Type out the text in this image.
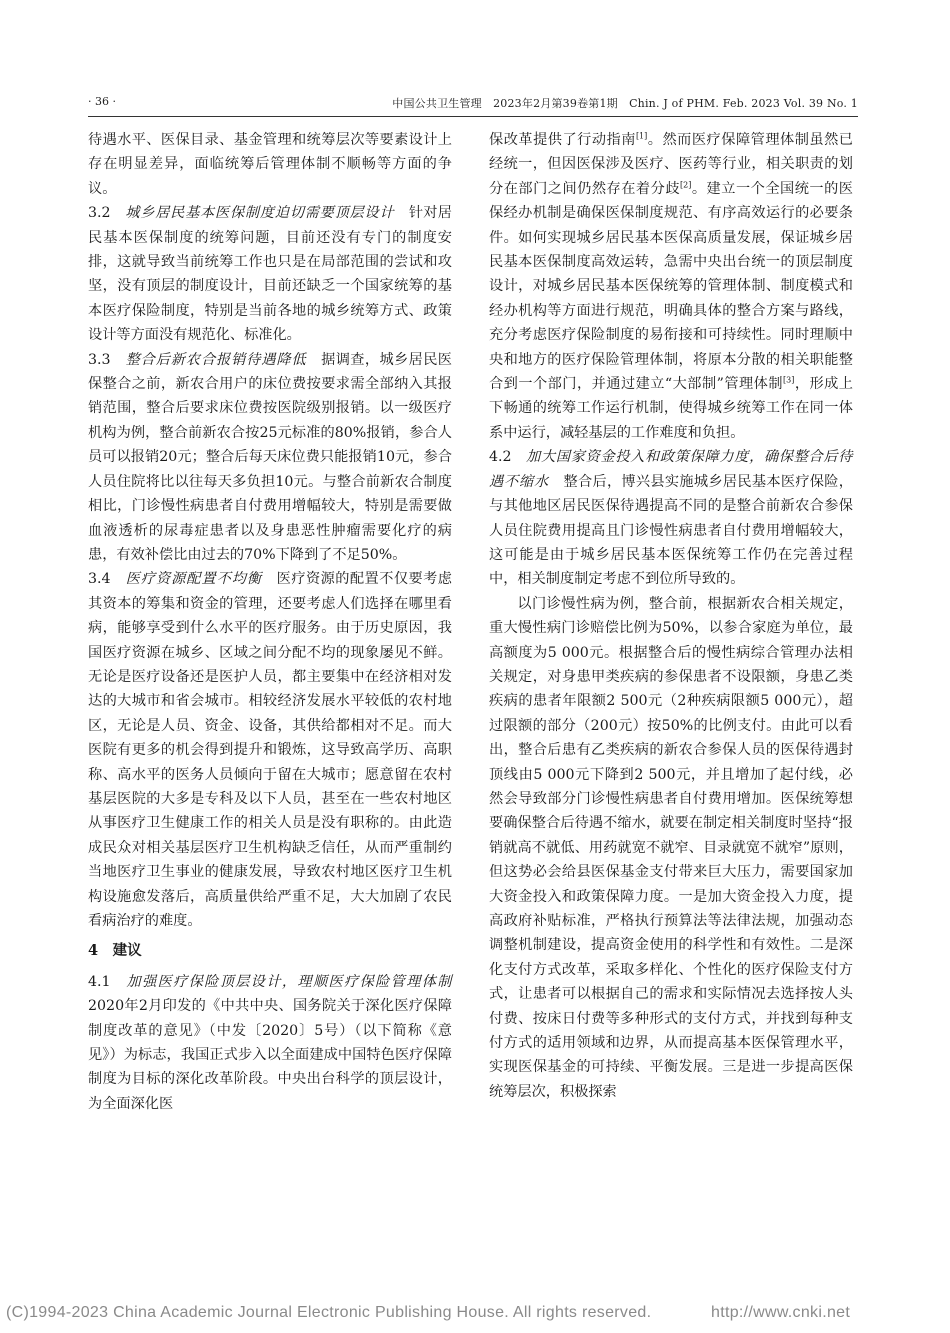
· 36 ·	中国公共卫生管理　2023年2月第39卷第1期　Chin. J of PHM. Feb. 2023 Vol. 39 No. 1

待遇水平、医保目录、基金管理和统筹层次等要素设计上存在明显差异，面临统筹后管理体制不顺畅等方面的争议。

3.2　 城乡居民基本医保制度迫切需要顶层设计　 针对居民基本医保制度的统筹问题，目前还没有专门的制度安排，这就导致当前统筹工作也只是在局部范围的尝试和攻坚，没有顶层的制度设计，目前还缺乏一个国家统筹的基本医疗保险制度，特别是当前各地的城乡统筹方式、政策设计等方面没有规范化、标准化。

3.3　 整合后新农合报销待遇降低　 据调查，城乡居民医保整合之前，新农合用户的床位费按要求需全部纳入其报销范围，整合后要求床位费按医院级别报销。以一级医疗机构为例，整合前新农合按25元标准的80%报销，参合人员可以报销20元；整合后每天床位费只能报销10元，参合人员住院将比以往每天多负担10元。与整合前新农合制度相比，门诊慢性病患者自付费用增幅较大，特别是需要做血液透析的尿毒症患者以及身患恶性肿瘤需要化疗的病患，有效补偿比由过去的70%下降到了不足50%。

3.4　 医疗资源配置不均衡　 医疗资源的配置不仅要考虑其资本的筹集和资金的管理，还要考虑人们选择在哪里看病，能够享受到什么水平的医疗服务。由于历史原因，我国医疗资源在城乡、区域之间分配不均的现象屡见不鲜。无论是医疗设备还是医护人员，都主要集中在经济相对发达的大城市和省会城市。相较经济发展水平较低的农村地区，无论是人员、资金、设备，其供给都相对不足。而大医院有更多的机会得到提升和锻炼，这导致高学历、高职称、高水平的医务人员倾向于留在大城市；愿意留在农村基层医院的大多是专科及以下人员，甚至在一些农村地区从事医疗卫生健康工作的相关人员是没有职称的。由此造成民众对相关基层医疗卫生机构缺乏信任，从而严重制约当地医疗卫生事业的健康发展，导致农村地区医疗卫生机构设施愈发落后，高质量供给严重不足，大大加剧了农民看病治疗的难度。

4　建议

4.1　 加强医疗保险顶层设计，理顺医疗保险管理体制　2020年2月印发的《中共中央、国务院关于深化医疗保障制度改革的意见》（中发〔2020〕5号）（以下简称《意见》）为标志，我国正式步入以全面建成中国特色医疗保障制度为目标的深化改革阶段。中央出台科学的顶层设计，为全面深化医

保改革提供了行动指南[1]。然而医疗保障管理体制虽然已经统一，但因医保涉及医疗、医药等行业，相关职责的划分在部门之间仍然存在着分歧[2]。建立一个全国统一的医保经办机制是确保医保制度规范、有序高效运行的必要条件。如何实现城乡居民基本医保高质量发展，保证城乡居民基本医保制度高效运转，急需中央出台统一的顶层制度设计，对城乡居民基本医保统筹的管理体制、制度模式和经办机构等方面进行规范，明确具体的整合方案与路线，充分考虑医疗保险制度的易衔接和可持续性。同时理顺中央和地方的医疗保险管理体制，将原本分散的相关职能整合到一个部门，并通过建立“大部制”管理体制[3]，形成上下畅通的统筹工作运行机制，使得城乡统筹工作在同一体系中运行，减轻基层的工作难度和负担。

4.2　 加大国家资金投入和政策保障力度，确保整合后待遇不缩水　 整合后，博兴县实施城乡居民基本医疗保险，与其他地区居民医保待遇提高不同的是整合前新农合参保人员住院费用提高且门诊慢性病患者自付费用增幅较大，这可能是由于城乡居民基本医保统筹工作仍在完善过程中，相关制度制定考虑不到位所导致的。

以门诊慢性病为例，整合前，根据新农合相关规定，重大慢性病门诊赔偿比例为50%，以参合家庭为单位，最高额度为5 000元。根据整合后的慢性病综合管理办法相关规定，对身患甲类疾病的参保患者不设限额，身患乙类疾病的患者年限额2 500元（2种疾病限额5 000元），超过限额的部分（200元）按50%的比例支付。由此可以看出，整合后患有乙类疾病的新农合参保人员的医保待遇封顶线由5 000元下降到2 500元，并且增加了起付线，必然会导致部分门诊慢性病患者自付费用增加。医保统筹想要确保整合后待遇不缩水，就要在制定相关制度时坚持“报销就高不就低、用药就宽不就窄、目录就宽不就窄”原则，但这势必会给县医保基金支付带来巨大压力，需要国家加大资金投入和政策保障力度。一是加大资金投入力度，提高政府补贴标准，严格执行预算法等法律法规，加强动态调整机制建设，提高资金使用的科学性和有效性。二是深化支付方式改革，采取多样化、个性化的医疗保险支付方式，让患者可以根据自己的需求和实际情况去选择按人头付费、按床日付费等多种形式的支付方式，并找到每种支付方式的适用领域和边界，从而提高基本医保管理水平，实现医保基金的可持续、平衡发展。三是进一步提高医保统筹层次，积极探索

(C)1994-2023 China Academic Journal Electronic Publishing House. All rights reserved.	http://www.cnki.net
